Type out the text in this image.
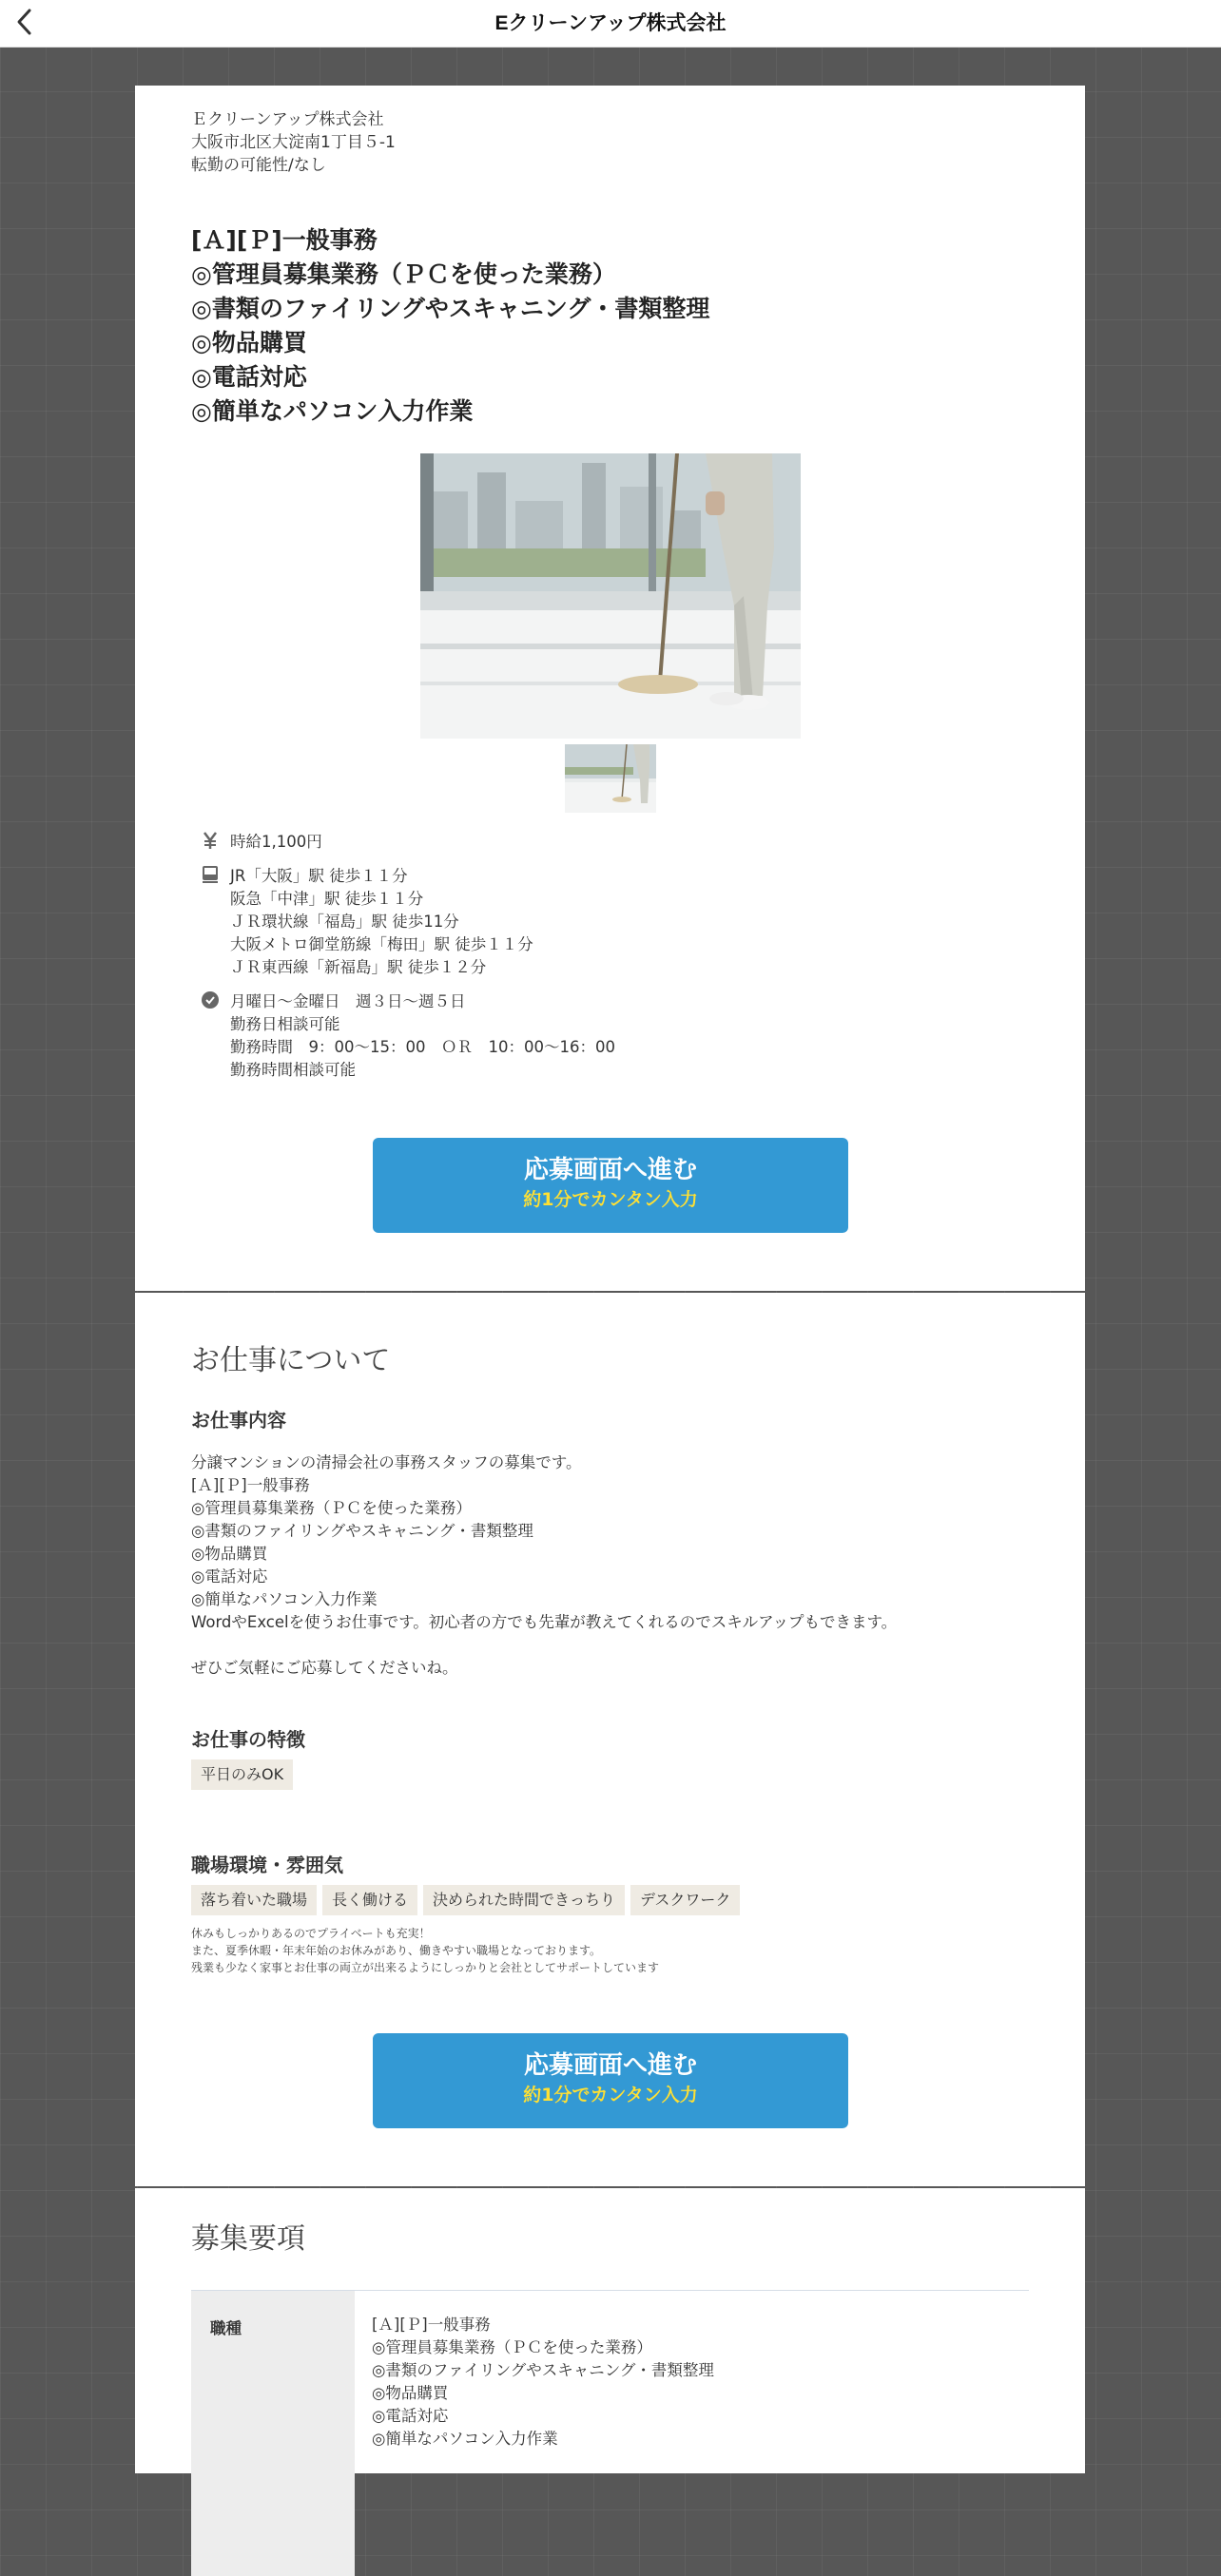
Eクリーンアップ株式会社
Ｅクリーンアップ株式会社
大阪市北区大淀南1丁目５-1
転勤の可能性/なし
[Ａ][Ｐ]一般事務
◎管理員募集業務（ＰＣを使った業務）
◎書類のファイリングやスキャニング・書類整理
◎物品購買
◎電話対応
◎簡単なパソコン入力作業
時給1,100円
JR「大阪」駅 徒歩１１分
阪急「中津」駅 徒歩１１分
ＪＲ環状線「福島」駅 徒歩11分
大阪メトロ御堂筋線「梅田」駅 徒歩１１分
ＪＲ東西線「新福島」駅 徒歩１２分
月曜日～金曜日　週３日～週５日
勤務日相談可能
勤務時間　9：00～15：00　ＯＲ　10：00～16：00
勤務時間相談可能
応募画面へ進む
約1分でカンタン入力
お仕事について
お仕事内容
分譲マンションの清掃会社の事務スタッフの募集です。
[Ａ][Ｐ]一般事務
◎管理員募集業務（ＰＣを使った業務）
◎書類のファイリングやスキャニング・書類整理
◎物品購買
◎電話対応
◎簡単なパソコン入力作業
WordやExcelを使うお仕事です。初心者の方でも先輩が教えてくれるのでスキルアップもできます。
ぜひご気軽にご応募してくださいね。
お仕事の特徴
平日のみOK
職場環境・雰囲気
落ち着いた職場 長く働ける 決められた時間できっちり デスクワーク
休みもしっかりあるのでプライベートも充実！
また、夏季休暇・年末年始のお休みがあり、働きやすい職場となっております。
残業も少なく家事とお仕事の両立が出来るようにしっかりと会社としてサポートしています
応募画面へ進む
約1分でカンタン入力
募集要項
職種	[Ａ][Ｐ]一般事務
◎管理員募集業務（ＰＣを使った業務）
◎書類のファイリングやスキャニング・書類整理
◎物品購買
◎電話対応
◎簡単なパソコン入力作業
